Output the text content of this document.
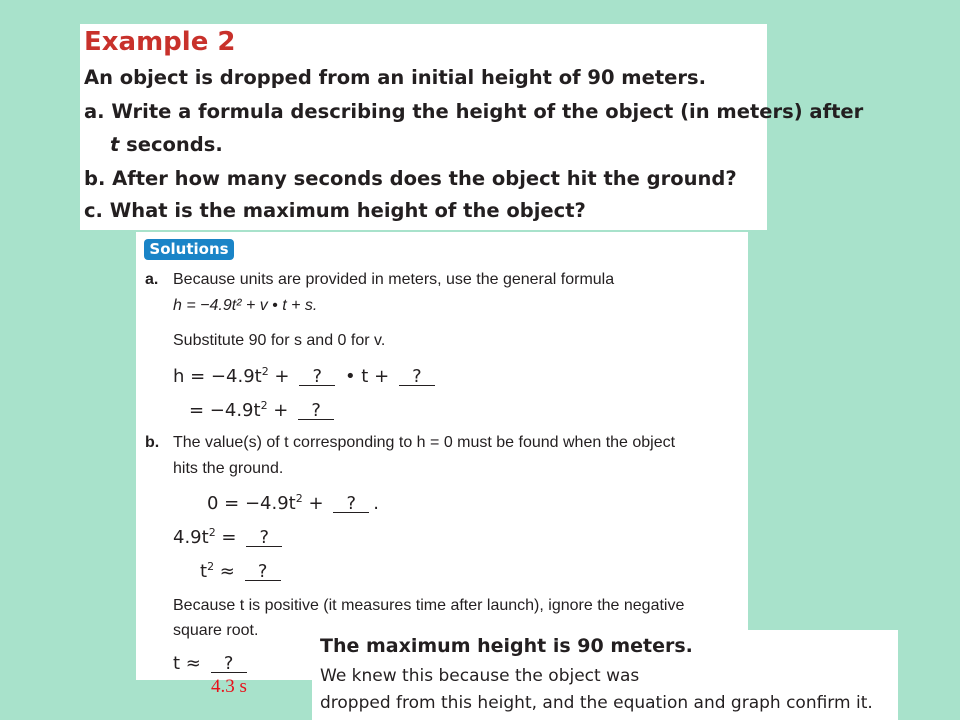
Example 2
An object is dropped from an initial height of 90 meters.
a. Write a formula describing the height of the object (in meters) after
t seconds.
b. After how many seconds does the object hit the ground?
c. What is the maximum height of the object?
Solutions
a. Because units are provided in meters, use the general formula
h = −4.9t² + v • t + s.
Substitute 90 for s and 0 for v.
$h = -4.9t^2$ + ? • t + ?
= $-4.9t^2$ + ?
b. The value(s) of t corresponding to h = 0 must be found when the object
hits the ground.
$0 = -4.9t^2$ + ? .
$4.9t^2$ = ?
$t^2$ ≈ ?
Because t is positive (it measures time after launch), ignore the negative
square root.
t ≈ ?
4.3 s
The maximum height is 90 meters.
We knew this because the object was
dropped from this height, and the equation and graph confirm it.
